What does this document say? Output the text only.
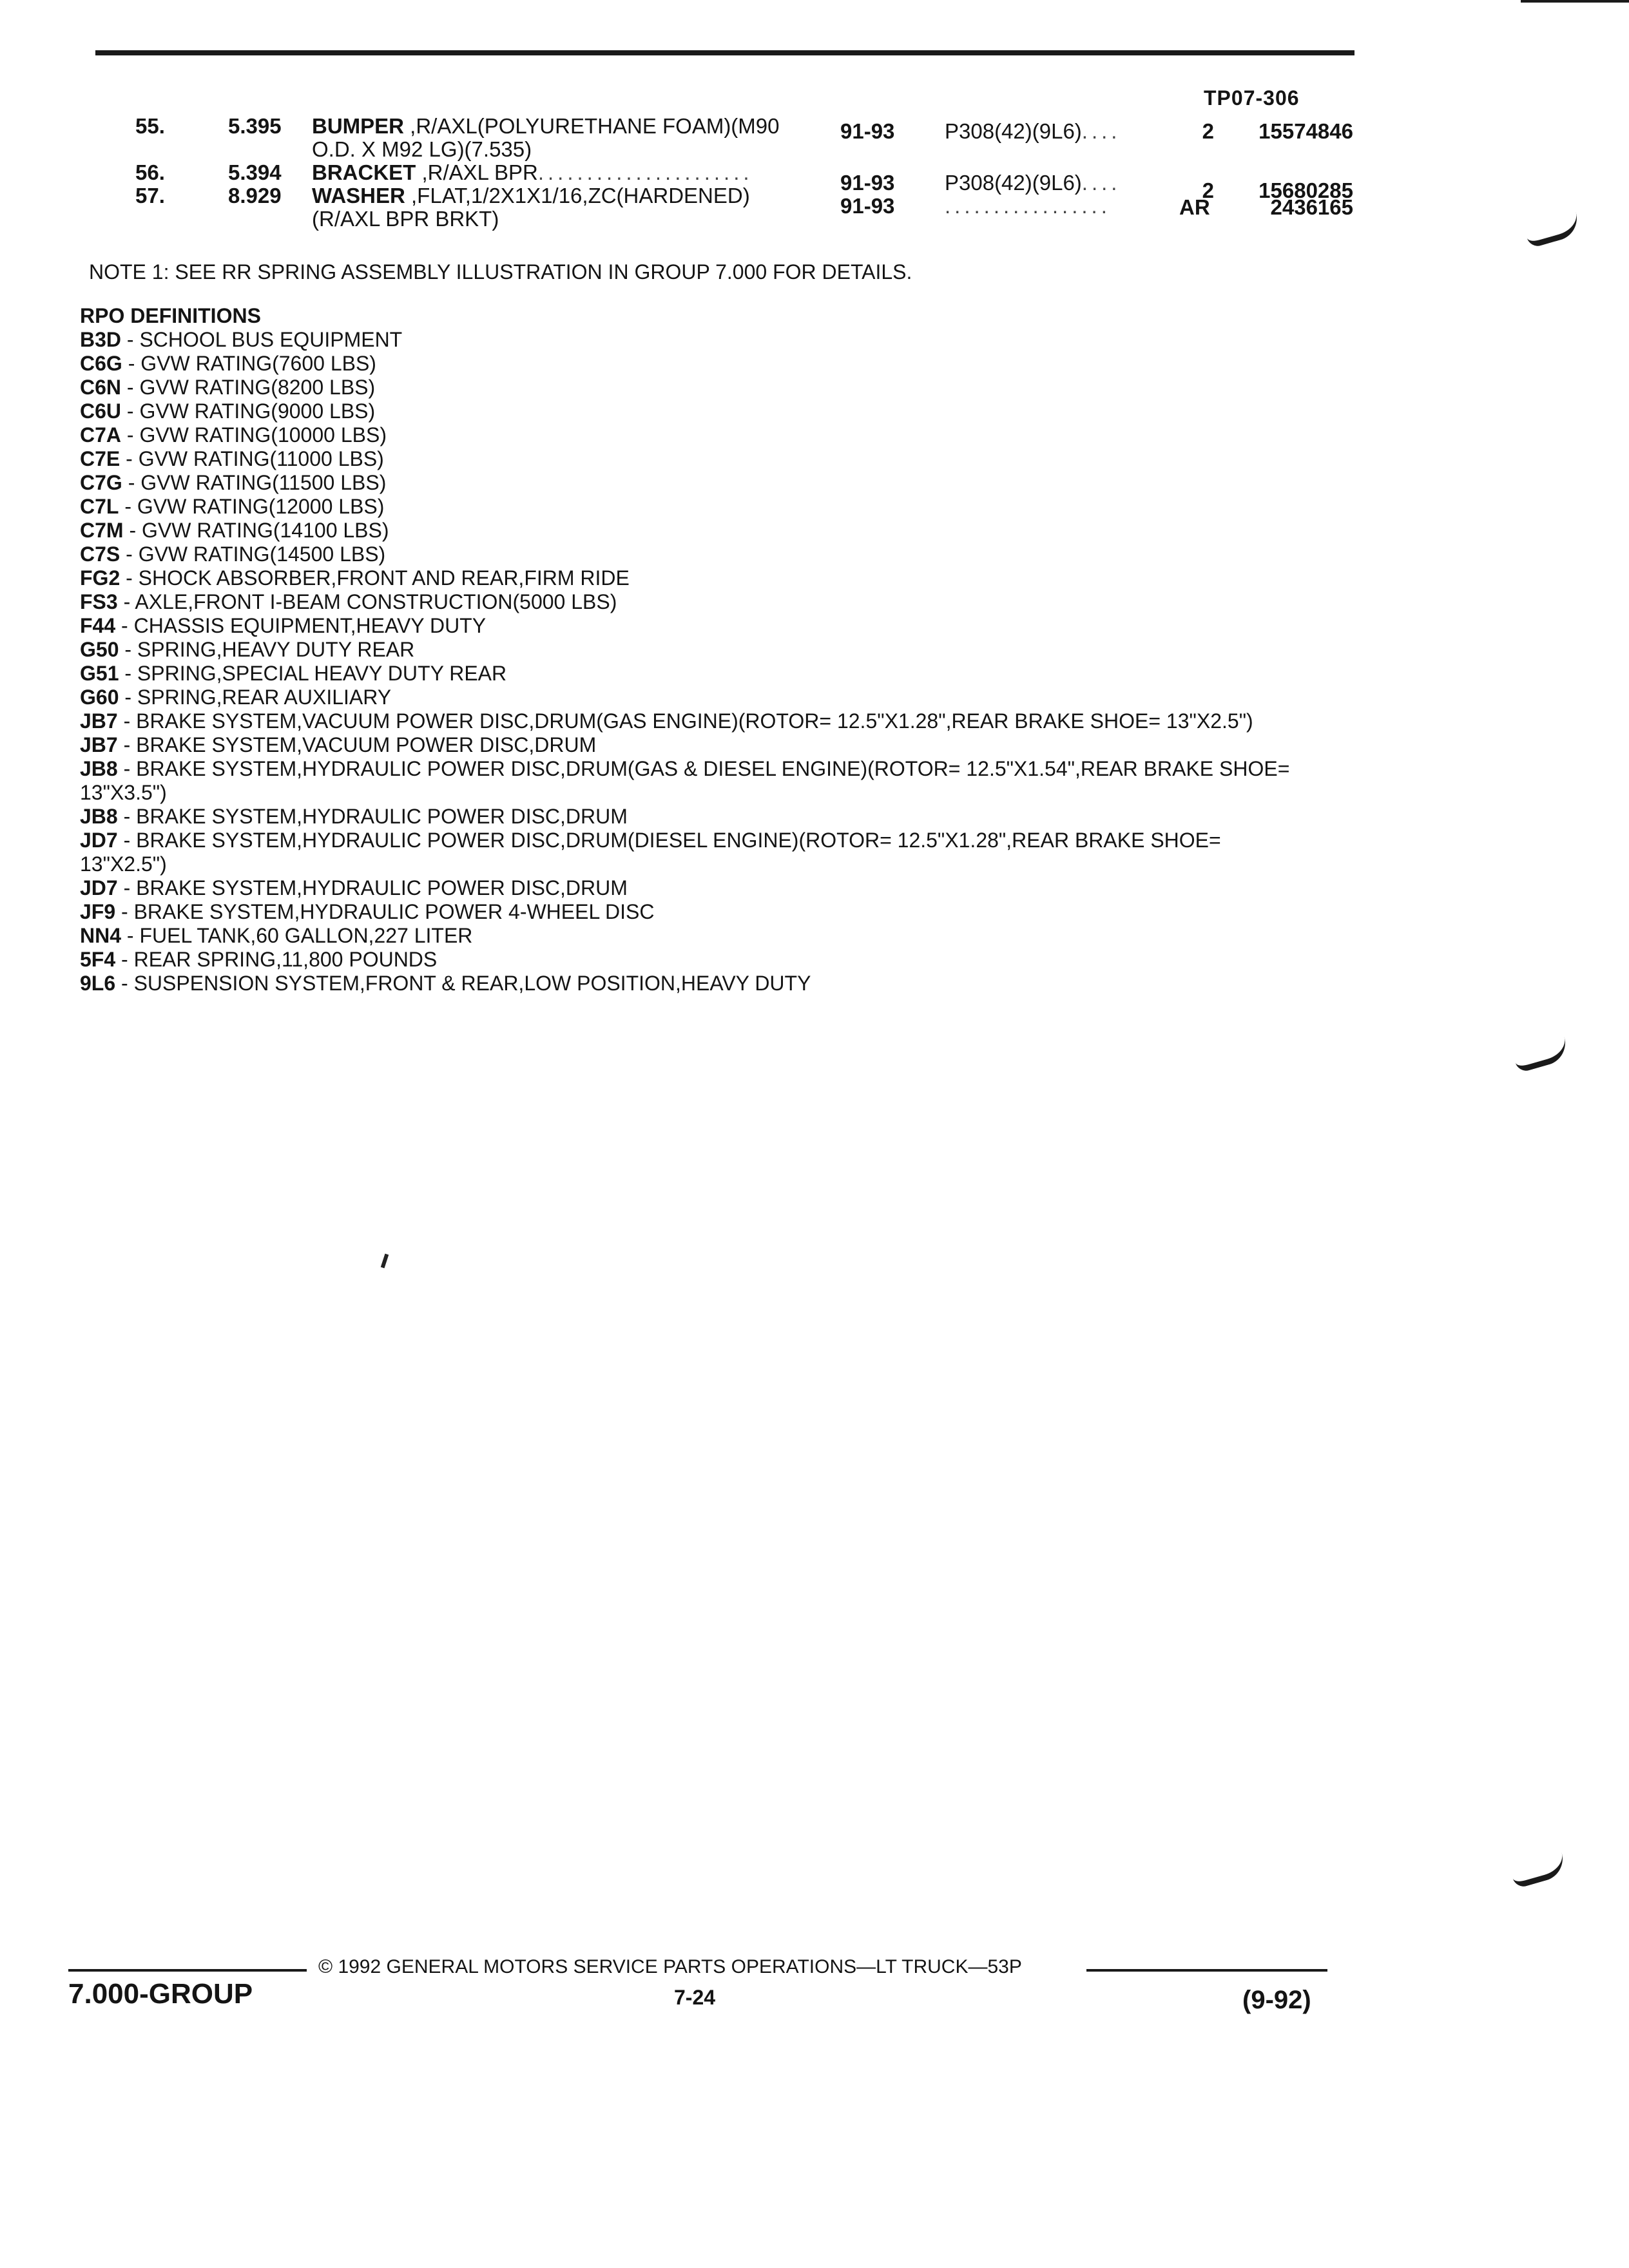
TP07-306
55.	5.395 BUMPER ,R/AXL(POLYURETHANE FOAM)(M90	91-93 P308(42)(9L6)....	2	15574846
O.D. X M92 LG)(7.535)
56.	5.394 BRACKET ,R/AXL BPR......................	91-93 P308(42)(9L6)....	2	15680285
57.	8.929 WASHER ,FLAT,1/2X1X1/16,ZC(HARDENED)	91-93 .................	AR	2436165
(R/AXL BPR BRKT)
NOTE 1: SEE RR SPRING ASSEMBLY ILLUSTRATION IN GROUP 7.000 FOR DETAILS.
RPO DEFINITIONS
B3D - SCHOOL BUS EQUIPMENT
C6G - GVW RATING(7600 LBS)
C6N - GVW RATING(8200 LBS)
C6U - GVW RATING(9000 LBS)
C7A - GVW RATING(10000 LBS)
C7E - GVW RATING(11000 LBS)
C7G - GVW RATING(11500 LBS)
C7L - GVW RATING(12000 LBS)
C7M - GVW RATING(14100 LBS)
C7S - GVW RATING(14500 LBS)
FG2 - SHOCK ABSORBER,FRONT AND REAR,FIRM RIDE
FS3 - AXLE,FRONT I-BEAM CONSTRUCTION(5000 LBS)
F44 - CHASSIS EQUIPMENT,HEAVY DUTY
G50 - SPRING,HEAVY DUTY REAR
G51 - SPRING,SPECIAL HEAVY DUTY REAR
G60 - SPRING,REAR AUXILIARY
JB7 - BRAKE SYSTEM,VACUUM POWER DISC,DRUM(GAS ENGINE)(ROTOR= 12.5"X1.28",REAR BRAKE SHOE= 13"X2.5")
JB7 - BRAKE SYSTEM,VACUUM POWER DISC,DRUM
JB8 - BRAKE SYSTEM,HYDRAULIC POWER DISC,DRUM(GAS & DIESEL ENGINE)(ROTOR= 12.5"X1.54",REAR BRAKE SHOE= 13"X3.5")
JB8 - BRAKE SYSTEM,HYDRAULIC POWER DISC,DRUM
JD7 - BRAKE SYSTEM,HYDRAULIC POWER DISC,DRUM(DIESEL ENGINE)(ROTOR= 12.5"X1.28",REAR BRAKE SHOE= 13"X2.5")
JD7 - BRAKE SYSTEM,HYDRAULIC POWER DISC,DRUM
JF9 - BRAKE SYSTEM,HYDRAULIC POWER 4-WHEEL DISC
NN4 - FUEL TANK,60 GALLON,227 LITER
5F4 - REAR SPRING,11,800 POUNDS
9L6 - SUSPENSION SYSTEM,FRONT & REAR,LOW POSITION,HEAVY DUTY
© 1992 GENERAL MOTORS SERVICE PARTS OPERATIONS—LT TRUCK—53P
7.000-GROUP	7-24	(9-92)
